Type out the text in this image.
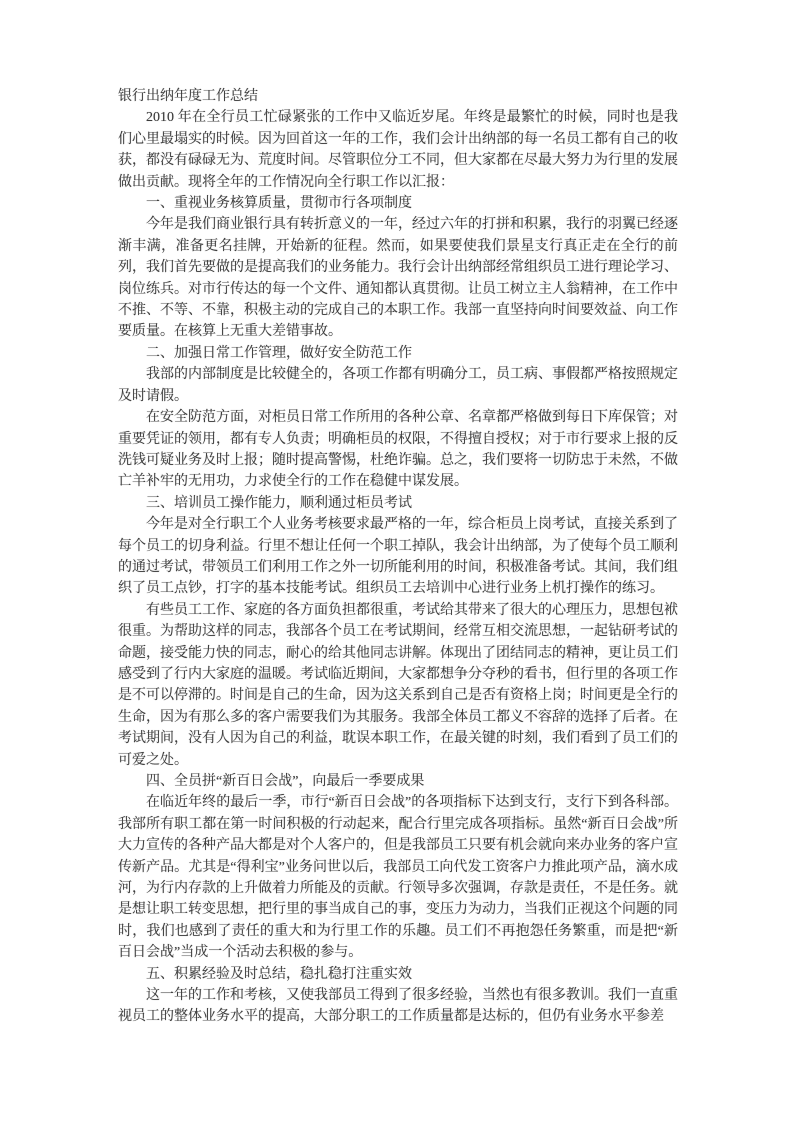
银行出纳年度工作总结

2010 年在全行员工忙碌紧张的工作中又临近岁尾。年终是最繁忙的时候，同时也是我们心里最塌实的时候。因为回首这一年的工作，我们会计出纳部的每一名员工都有自己的收获，都没有碌碌无为、荒度时间。尽管职位分工不同，但大家都在尽最大努力为行里的发展做出贡献。现将全年的工作情况向全行职工作以汇报：

一、重视业务核算质量，贯彻市行各项制度

今年是我们商业银行具有转折意义的一年，经过六年的打拼和积累，我行的羽翼已经逐渐丰满，准备更名挂牌，开始新的征程。然而，如果要使我们景星支行真正走在全行的前列，我们首先要做的是提高我们的业务能力。我行会计出纳部经常组织员工进行理论学习、岗位练兵。对市行传达的每一个文件、通知都认真贯彻。让员工树立主人翁精神，在工作中不推、不等、不靠，积极主动的完成自己的本职工作。我部一直坚持向时间要效益、向工作要质量。在核算上无重大差错事故。

二、加强日常工作管理，做好安全防范工作

我部的内部制度是比较健全的，各项工作都有明确分工，员工病、事假都严格按照规定及时请假。

在安全防范方面，对柜员日常工作所用的各种公章、名章都严格做到每日下库保管；对重要凭证的领用，都有专人负责；明确柜员的权限，不得擅自授权；对于市行要求上报的反洗钱可疑业务及时上报；随时提高警惕，杜绝诈骗。总之，我们要将一切防忠于未然，不做亡羊补牢的无用功，力求使全行的工作在稳健中谋发展。

三、培训员工操作能力，顺利通过柜员考试

今年是对全行职工个人业务考核要求最严格的一年，综合柜员上岗考试，直接关系到了每个员工的切身利益。行里不想让任何一个职工掉队，我会计出纳部，为了使每个员工顺利的通过考试，带领员工们利用工作之外一切所能利用的时间，积极准备考试。其间，我们组织了员工点钞，打字的基本技能考试。组织员工去培训中心进行业务上机打操作的练习。

有些员工工作、家庭的各方面负担都很重，考试给其带来了很大的心理压力，思想包袱很重。为帮助这样的同志，我部各个员工在考试期间，经常互相交流思想，一起钻研考试的命题，接受能力快的同志，耐心的给其他同志讲解。体现出了团结同志的精神，更让员工们感受到了行内大家庭的温暖。考试临近期间，大家都想争分夺秒的看书，但行里的各项工作是不可以停滞的。时间是自己的生命，因为这关系到自己是否有资格上岗；时间更是全行的生命，因为有那么多的客户需要我们为其服务。我部全体员工都义不容辞的选择了后者。在考试期间，没有人因为自己的利益，耽误本职工作，在最关键的时刻，我们看到了员工们的可爱之处。

四、全员拼“新百日会战”，向最后一季要成果

在临近年终的最后一季，市行“新百日会战”的各项指标下达到支行，支行下到各科部。我部所有职工都在第一时间积极的行动起来，配合行里完成各项指标。虽然“新百日会战”所大力宣传的各种产品大都是对个人客户的，但是我部员工只要有机会就向来办业务的客户宣传新产品。尤其是“得利宝”业务问世以后，我部员工向代发工资客户力推此项产品，滴水成河，为行内存款的上升做着力所能及的贡献。行领导多次强调，存款是责任，不是任务。就是想让职工转变思想，把行里的事当成自己的事，变压力为动力，当我们正视这个问题的同时，我们也感到了责任的重大和为行里工作的乐趣。员工们不再抱怨任务繁重，而是把“新百日会战”当成一个活动去积极的参与。

五、积累经验及时总结，稳扎稳打注重实效

这一年的工作和考核，又使我部员工得到了很多经验，当然也有很多教训。我们一直重视员工的整体业务水平的提高，大部分职工的工作质量都是达标的，但仍有业务水平参差
